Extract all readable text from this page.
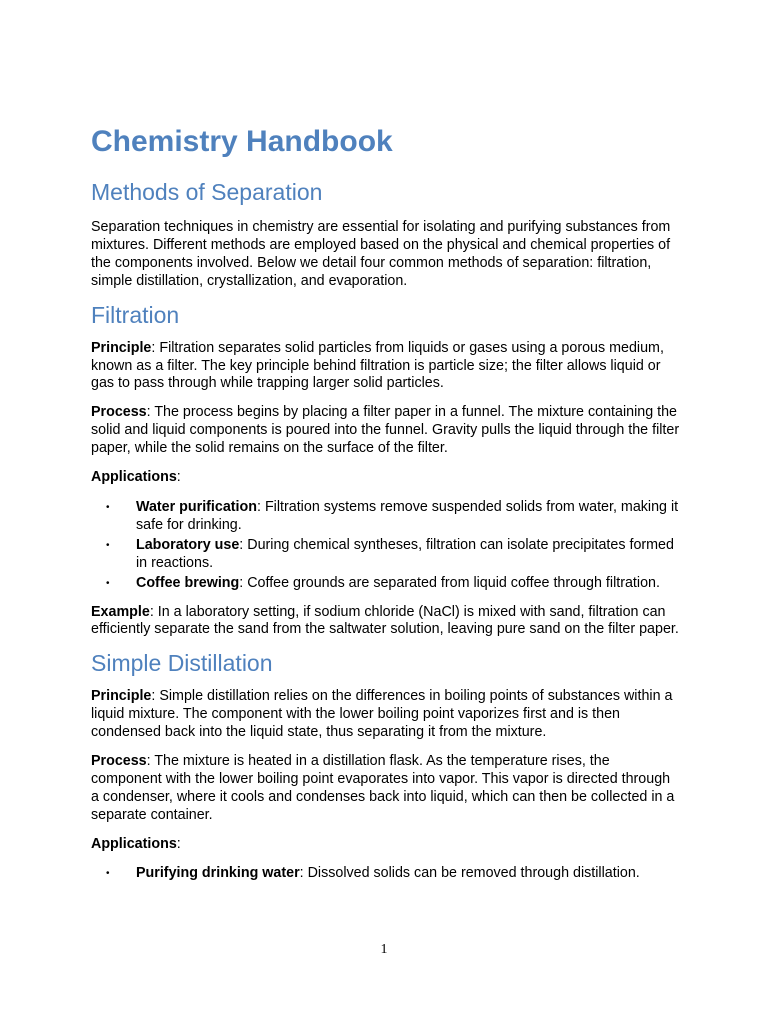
Chemistry Handbook
Methods of Separation

Separation techniques in chemistry are essential for isolating and purifying substances from mixtures. Different methods are employed based on the physical and chemical properties of the components involved. Below we detail four common methods of separation: filtration, simple distillation, crystallization, and evaporation.

Filtration

Principle: Filtration separates solid particles from liquids or gases using a porous medium, known as a filter. The key principle behind filtration is particle size; the filter allows liquid or gas to pass through while trapping larger solid particles.

Process: The process begins by placing a filter paper in a funnel. The mixture containing the solid and liquid components is poured into the funnel. Gravity pulls the liquid through the filter paper, while the solid remains on the surface of the filter.

Applications:

• Water purification: Filtration systems remove suspended solids from water, making it safe for drinking.
• Laboratory use: During chemical syntheses, filtration can isolate precipitates formed in reactions.
• Coffee brewing: Coffee grounds are separated from liquid coffee through filtration.

Example: In a laboratory setting, if sodium chloride (NaCl) is mixed with sand, filtration can efficiently separate the sand from the saltwater solution, leaving pure sand on the filter paper.

Simple Distillation

Principle: Simple distillation relies on the differences in boiling points of substances within a liquid mixture. The component with the lower boiling point vaporizes first and is then condensed back into the liquid state, thus separating it from the mixture.

Process: The mixture is heated in a distillation flask. As the temperature rises, the component with the lower boiling point evaporates into vapor. This vapor is directed through a condenser, where it cools and condenses back into liquid, which can then be collected in a separate container.

Applications:

• Purifying drinking water: Dissolved solids can be removed through distillation.
1
